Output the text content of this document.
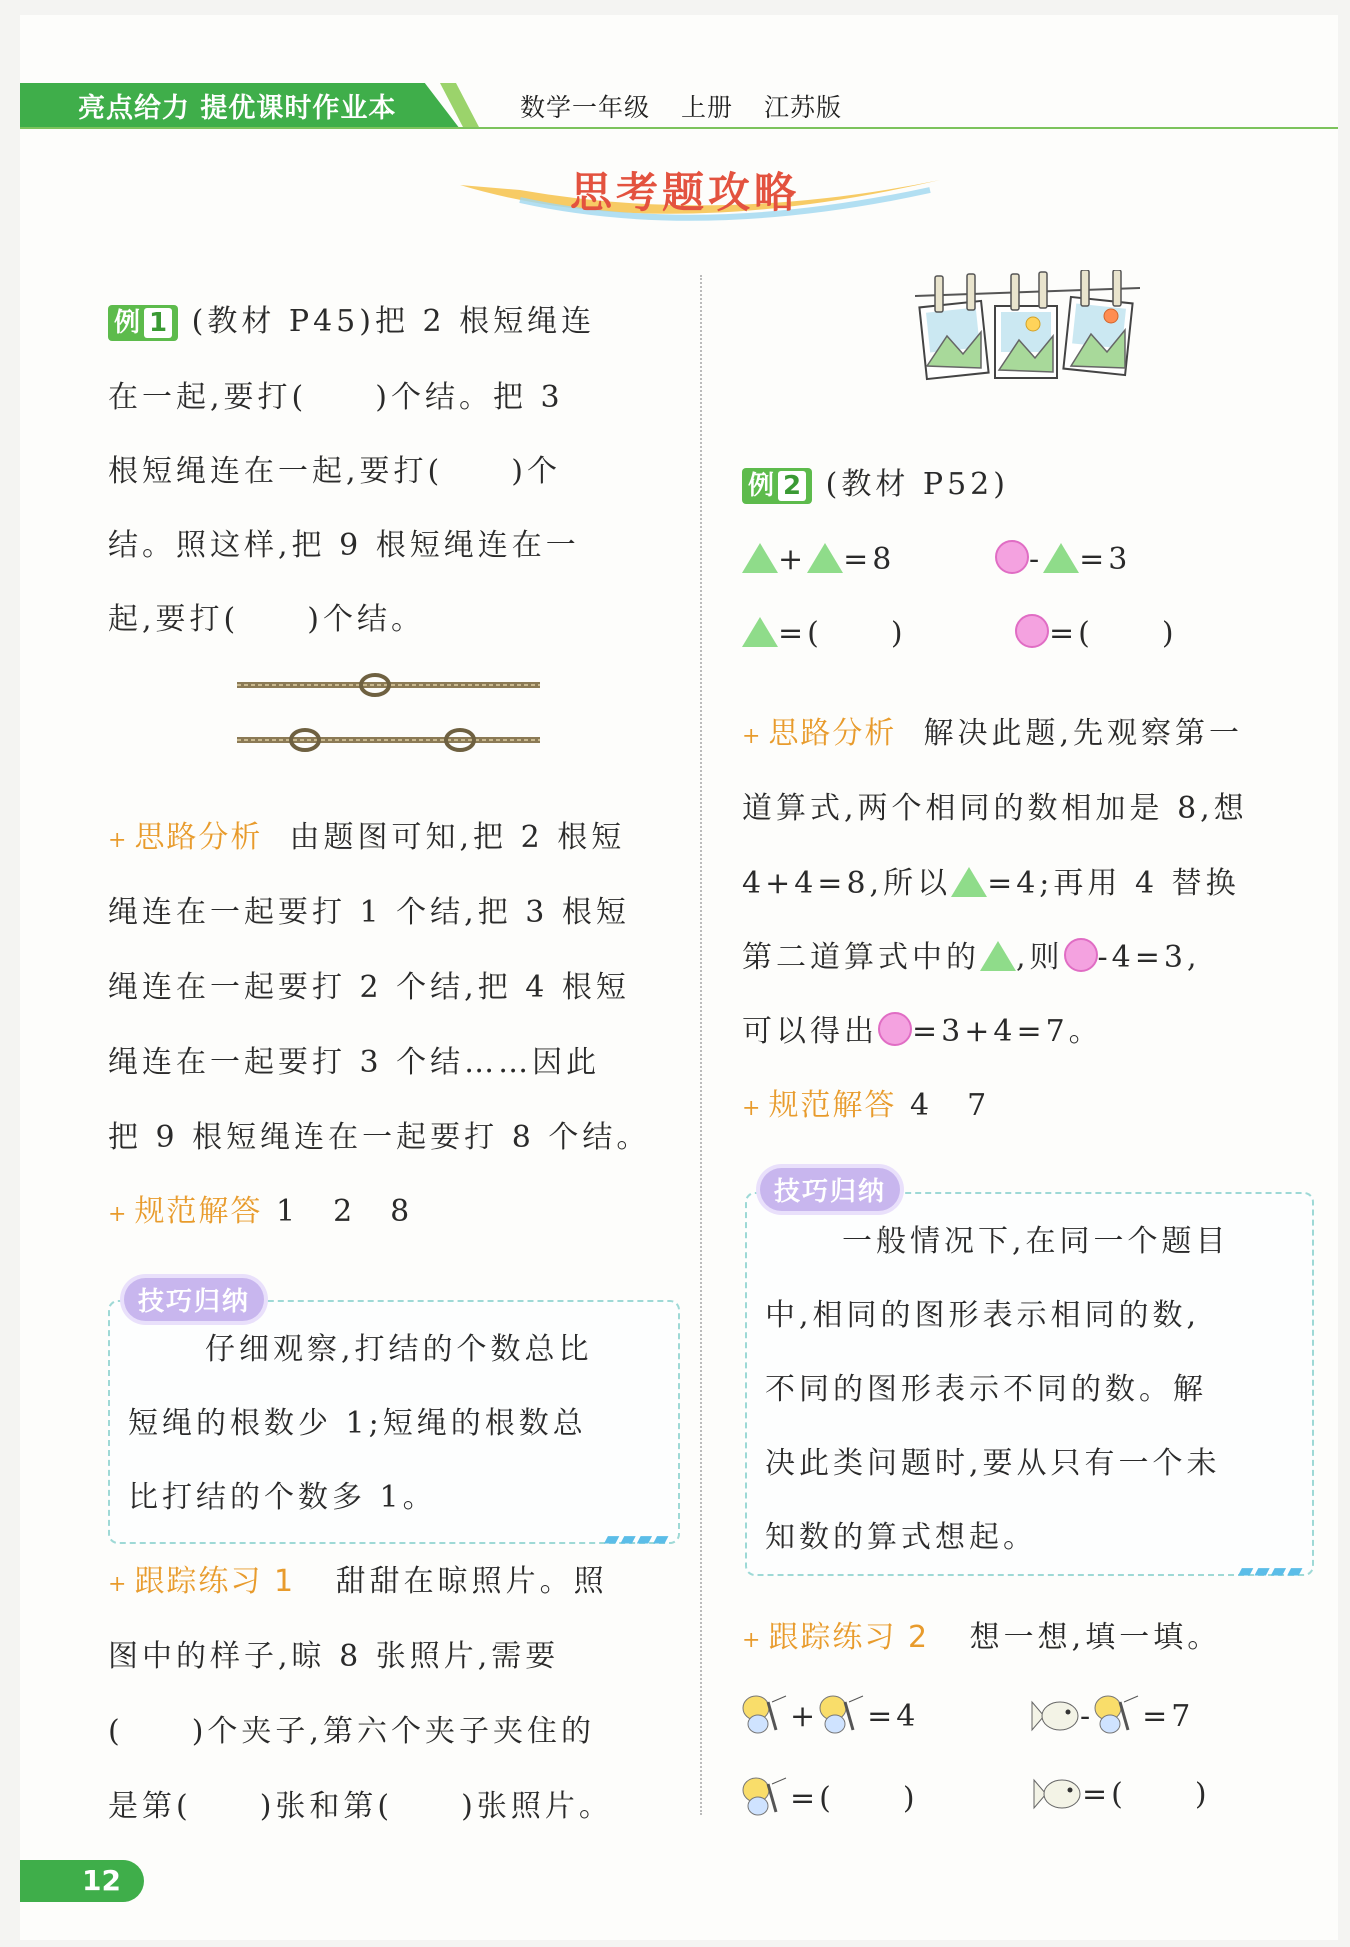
亮点给力 提优课时作业本	数学一年级 上册 江苏版
思考题攻略
例 1 (教材 P45)把 2 根短绳连
在一起,要打(　　)个结。把 3
根短绳连在一起,要打(　　)个
结。照这样,把 9 根短绳连在一
起,要打(　　)个结。
+ 思路分析 由题图可知,把 2 根短
绳连在一起要打 1 个结,把 3 根短
绳连在一起要打 2 个结,把 4 根短
绳连在一起要打 3 个结……因此
把 9 根短绳连在一起要打 8 个结。
+ 规范解答 1　2　8
技巧归纳
仔细观察,打结的个数总比
短绳的根数少 1;短绳的根数总
比打结的个数多 1。
▰▰▰▰
+ 跟踪练习 1 甜甜在晾照片。照
图中的样子,晾 8 张照片,需要
(　　)个夹子,第六个夹子夹住的
是第(　　)张和第(　　)张照片。
例 2 (教材 P52)
+ =8	- =3
=(　　)	=(　　)
+ 思路分析 解决此题,先观察第一
道算式,两个相同的数相加是 8,想
4+4=8,所以 =4;再用 4 替换
第二道算式中的 ,则 -4=3,
可以得出 =3+4=7。
+ 规范解答 4　7
技巧归纳
一般情况下,在同一个题目
中,相同的图形表示相同的数,
不同的图形表示不同的数。解
决此类问题时,要从只有一个未
知数的算式想起。
▰▰▰▰
+ 跟踪练习 2 想一想,填一填。
+ =4	- =7
=(　　)	=(　　)
12
